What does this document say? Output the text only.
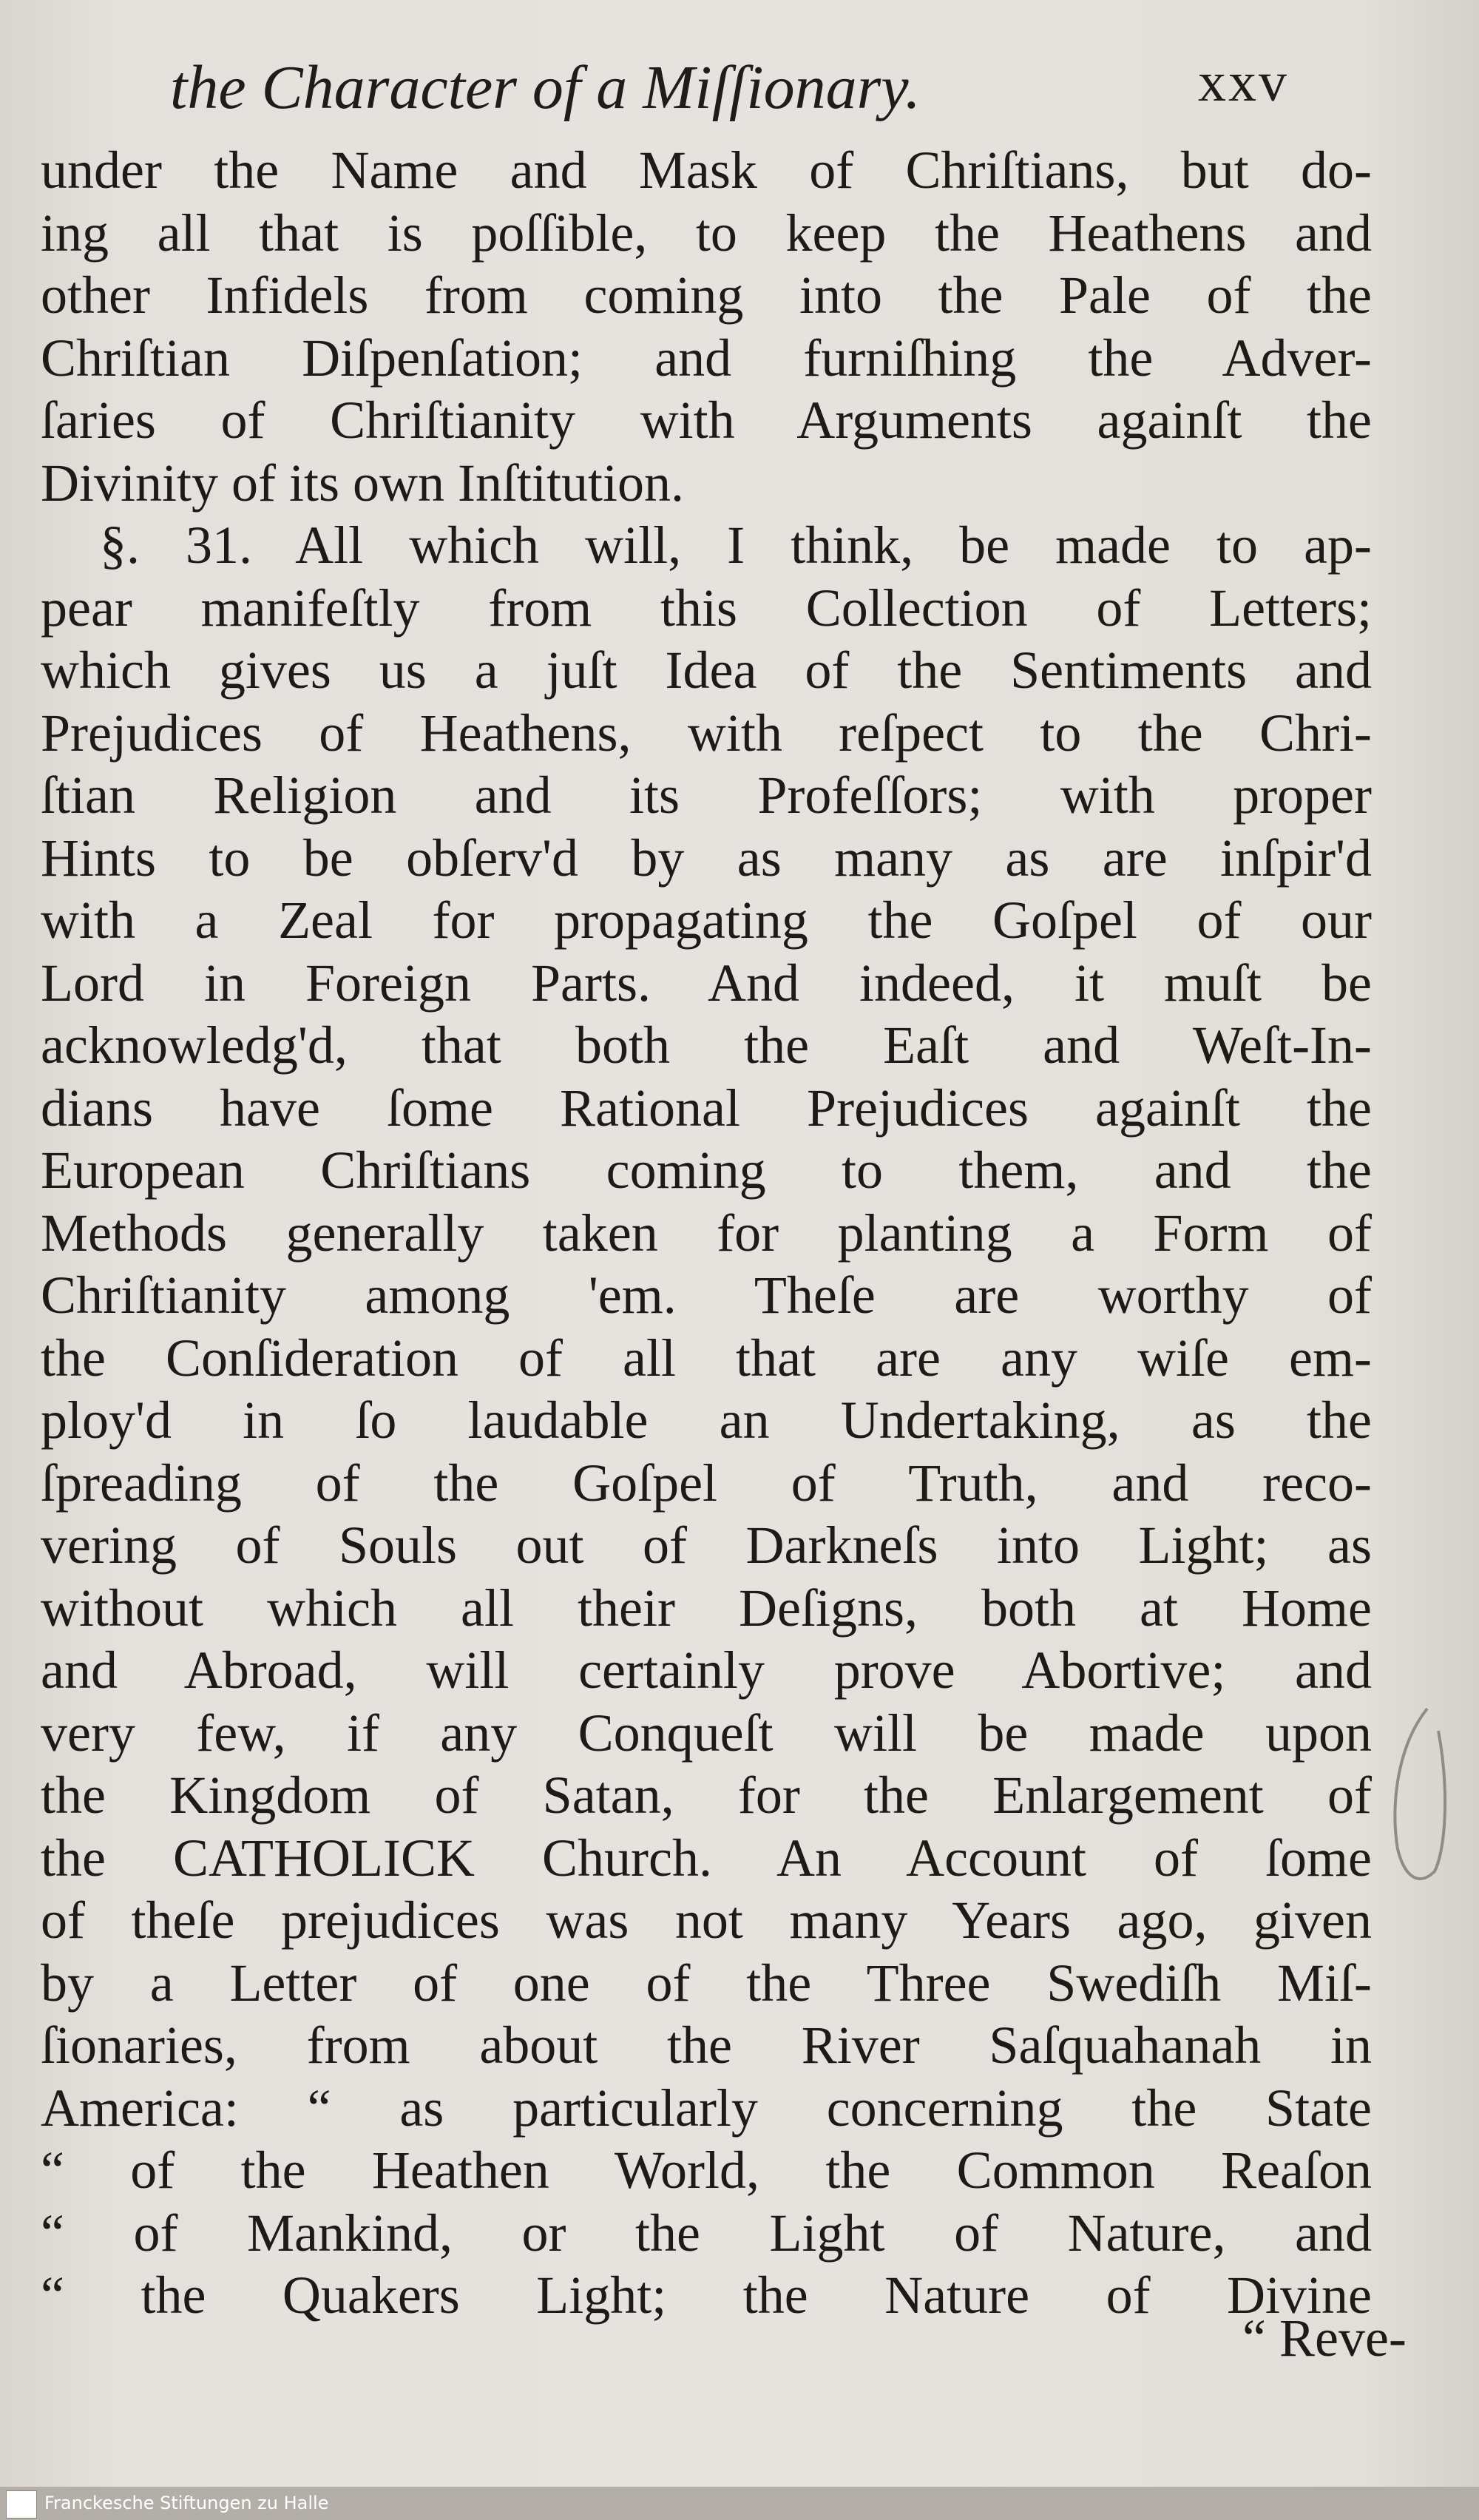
the Character of a Miſſionary.	xxv
under the Name and Mask of Chriſtians, but do-
ing all that is poſſible, to keep the Heathens and
other Infidels from coming into the Pale of the
Chriſtian Diſpenſation; and furniſhing the Adver-
ſaries of Chriſtianity with Arguments againſt the
Divinity of its own Inſtitution.
§. 31. All which will, I think, be made to ap-
pear manifeſtly from this Collection of Letters;
which gives us a juſt Idea of the Sentiments and
Prejudices of Heathens, with reſpect to the Chri-
ſtian Religion and its Profeſſors; with proper
Hints to be obſerv'd by as many as are inſpir'd
with a Zeal for propagating the Goſpel of our
Lord in Foreign Parts. And indeed, it muſt be
acknowledg'd, that both the Eaſt and Weſt-In-
dians have ſome Rational Prejudices againſt the
European Chriſtians coming to them, and the
Methods generally taken for planting a Form of
Chriſtianity among 'em. Theſe are worthy of
the Conſideration of all that are any wiſe em-
ploy'd in ſo laudable an Undertaking, as the
ſpreading of the Goſpel of Truth, and reco-
vering of Souls out of Darkneſs into Light; as
without which all their Deſigns, both at Home
and Abroad, will certainly prove Abortive; and
very few, if any Conqueſt will be made upon
the Kingdom of Satan, for the Enlargement of
the CATHOLICK Church. An Account of ſome
of theſe prejudices was not many Years ago, given
by a Letter of one of the Three Swediſh Miſ-
ſionaries, from about the River Saſquahanah in
America: “ as particularly concerning the State
“ of the Heathen World, the Common Reaſon
“ of Mankind, or the Light of Nature, and
“ the Quakers Light; the Nature of Divine
“ Reve-
Franckesche Stiftungen zu Halle
